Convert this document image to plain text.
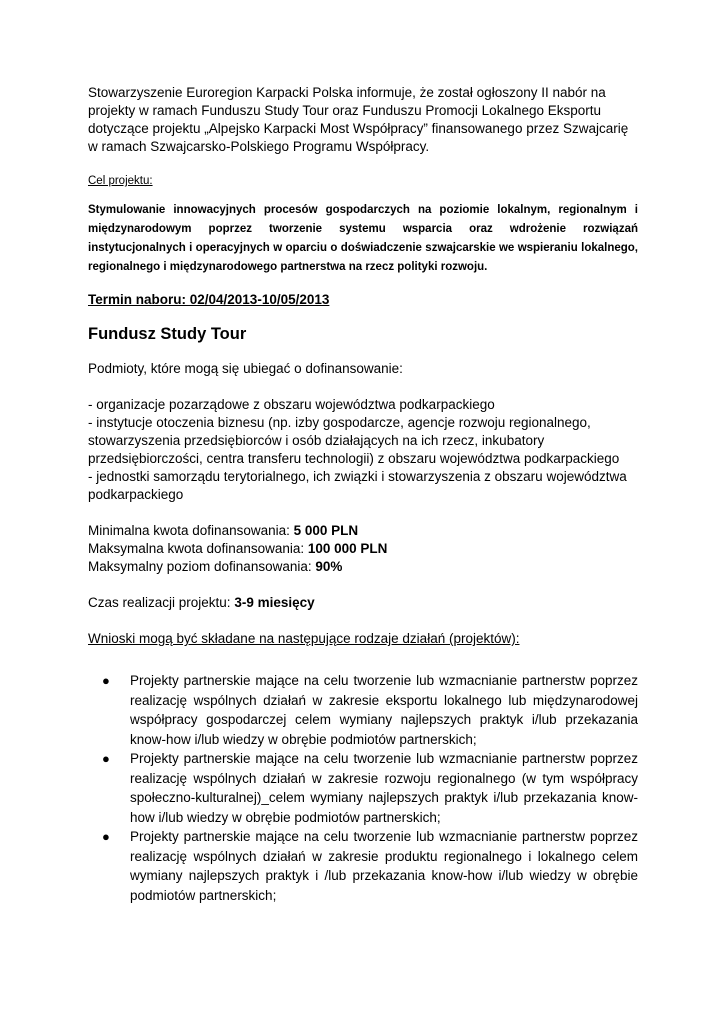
Stowarzyszenie Euroregion Karpacki Polska informuje, że został ogłoszony II nabór na projekty w ramach Funduszu Study Tour oraz Funduszu Promocji Lokalnego Eksportu dotyczące projektu „Alpejsko Karpacki Most Współpracy” finansowanego przez Szwajcarię w ramach Szwajcarsko-Polskiego Programu Współpracy.

Cel projektu:

Stymulowanie innowacyjnych procesów gospodarczych na poziomie lokalnym, regionalnym i międzynarodowym poprzez tworzenie systemu wsparcia oraz wdrożenie rozwiązań instytucjonalnych i operacyjnych w oparciu o doświadczenie szwajcarskie we wspieraniu lokalnego, regionalnego i międzynarodowego partnerstwa na rzecz polityki rozwoju.

Termin naboru: 02/04/2013-10/05/2013

Fundusz Study Tour

Podmioty, które mogą się ubiegać o dofinansowanie:

- organizacje pozarządowe z obszaru województwa podkarpackiego
- instytucje otoczenia biznesu (np. izby gospodarcze, agencje rozwoju regionalnego, stowarzyszenia przedsiębiorców i osób działających na ich rzecz, inkubatory przedsiębiorczości, centra transferu technologii) z obszaru województwa podkarpackiego
- jednostki samorządu terytorialnego, ich związki i stowarzyszenia z obszaru województwa podkarpackiego
Minimalna kwota dofinansowania: 5 000 PLN
Maksymalna kwota dofinansowania: 100 000 PLN
Maksymalny poziom dofinansowania: 90%

Czas realizacji projektu: 3-9 miesięcy

Wnioski mogą być składane na następujące rodzaje działań (projektów):

● Projekty partnerskie mające na celu tworzenie lub wzmacnianie partnerstw poprzez realizację wspólnych działań w zakresie eksportu lokalnego lub międzynarodowej współpracy gospodarczej celem wymiany najlepszych praktyk i/lub przekazania know-how i/lub wiedzy w obrębie podmiotów partnerskich;
● Projekty partnerskie mające na celu tworzenie lub wzmacnianie partnerstw poprzez realizację wspólnych działań w zakresie rozwoju regionalnego (w tym współpracy społeczno-kulturalnej)_celem wymiany najlepszych praktyk i/lub przekazania know-how i/lub wiedzy w obrębie podmiotów partnerskich;
● Projekty partnerskie mające na celu tworzenie lub wzmacnianie partnerstw poprzez realizację wspólnych działań w zakresie produktu regionalnego i lokalnego celem wymiany najlepszych praktyk i /lub przekazania know-how i/lub wiedzy w obrębie podmiotów partnerskich;
